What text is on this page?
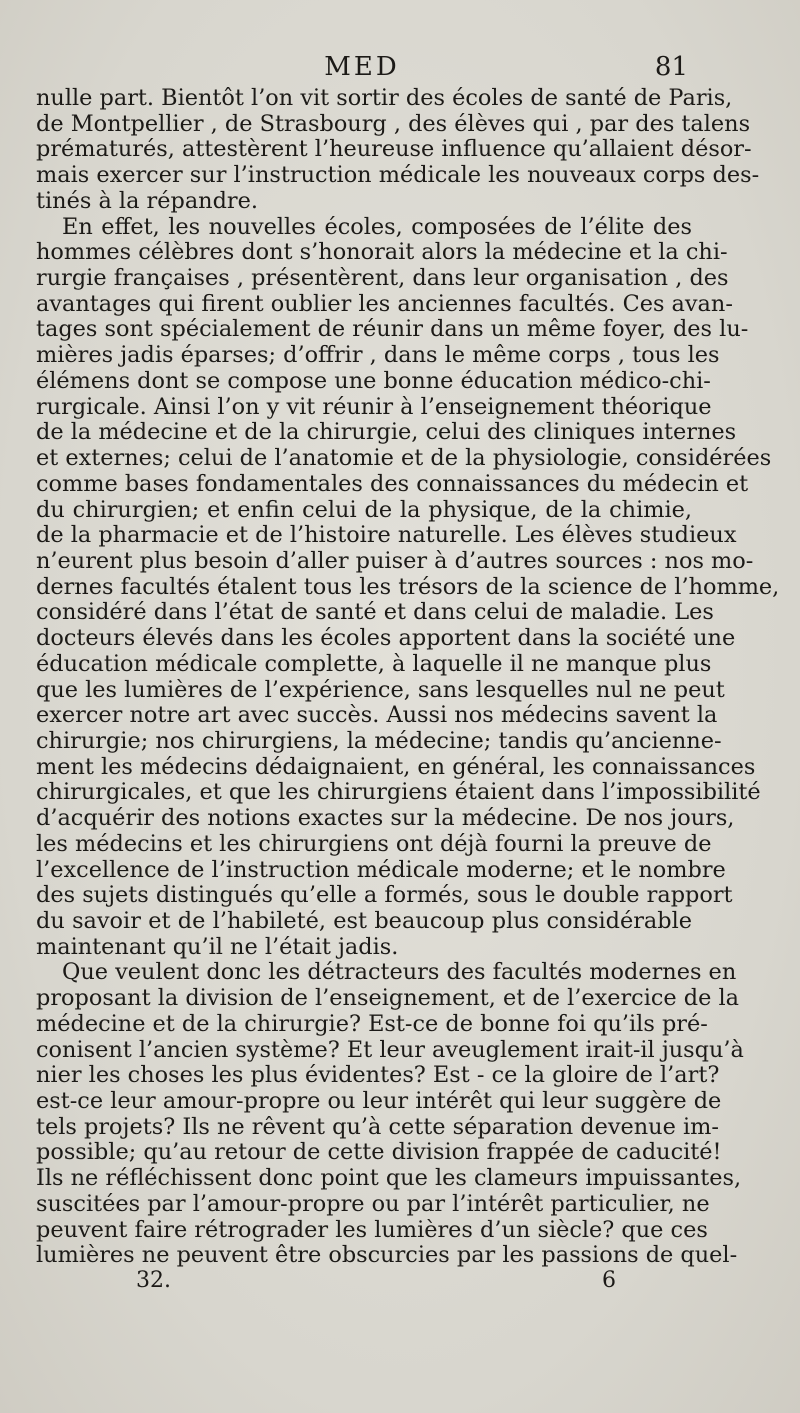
MED	81
nulle part. Bientôt l’on vit sortir des écoles de santé de Paris,
de Montpellier , de Strasbourg , des élèves qui , par des talens
prématurés, attestèrent l’heureuse influence qu’allaient désor-
mais exercer sur l’instruction médicale les nouveaux corps des-
tinés à la répandre.
En effet, les nouvelles écoles, composées de l’élite des
hommes célèbres dont s’honorait alors la médecine et la chi-
rurgie françaises , présentèrent, dans leur organisation , des
avantages qui firent oublier les anciennes facultés. Ces avan-
tages sont spécialement de réunir dans un même foyer, des lu-
mières jadis éparses; d’offrir , dans le même corps , tous les
élémens dont se compose une bonne éducation médico-chi-
rurgicale. Ainsi l’on y vit réunir à l’enseignement théorique
de la médecine et de la chirurgie, celui des cliniques internes
et externes; celui de l’anatomie et de la physiologie, considérées
comme bases fondamentales des connaissances du médecin et
du chirurgien; et enfin celui de la physique, de la chimie,
de la pharmacie et de l’histoire naturelle. Les élèves studieux
n’eurent plus besoin d’aller puiser à d’autres sources : nos mo-
dernes facultés étalent tous les trésors de la science de l’homme,
considéré dans l’état de santé et dans celui de maladie. Les
docteurs élevés dans les écoles apportent dans la société une
éducation médicale complette, à laquelle il ne manque plus
que les lumières de l’expérience, sans lesquelles nul ne peut
exercer notre art avec succès. Aussi nos médecins savent la
chirurgie; nos chirurgiens, la médecine; tandis qu’ancienne-
ment les médecins dédaignaient, en général, les connaissances
chirurgicales, et que les chirurgiens étaient dans l’impossibilité
d’acquérir des notions exactes sur la médecine. De nos jours,
les médecins et les chirurgiens ont déjà fourni la preuve de
l’excellence de l’instruction médicale moderne; et le nombre
des sujets distingués qu’elle a formés, sous le double rapport
du savoir et de l’habileté, est beaucoup plus considérable
maintenant qu’il ne l’était jadis.
Que veulent donc les détracteurs des facultés modernes en
proposant la division de l’enseignement, et de l’exercice de la
médecine et de la chirurgie? Est-ce de bonne foi qu’ils pré-
conisent l’ancien système? Et leur aveuglement irait-il jusqu’à
nier les choses les plus évidentes? Est - ce la gloire de l’art?
est-ce leur amour-propre ou leur intérêt qui leur suggère de
tels projets? Ils ne rêvent qu’à cette séparation devenue im-
possible; qu’au retour de cette division frappée de caducité!
Ils ne réfléchissent donc point que les clameurs impuissantes,
suscitées par l’amour-propre ou par l’intérêt particulier, ne
peuvent faire rétrograder les lumières d’un siècle? que ces
lumières ne peuvent être obscurcies par les passions de quel-
32.	6
